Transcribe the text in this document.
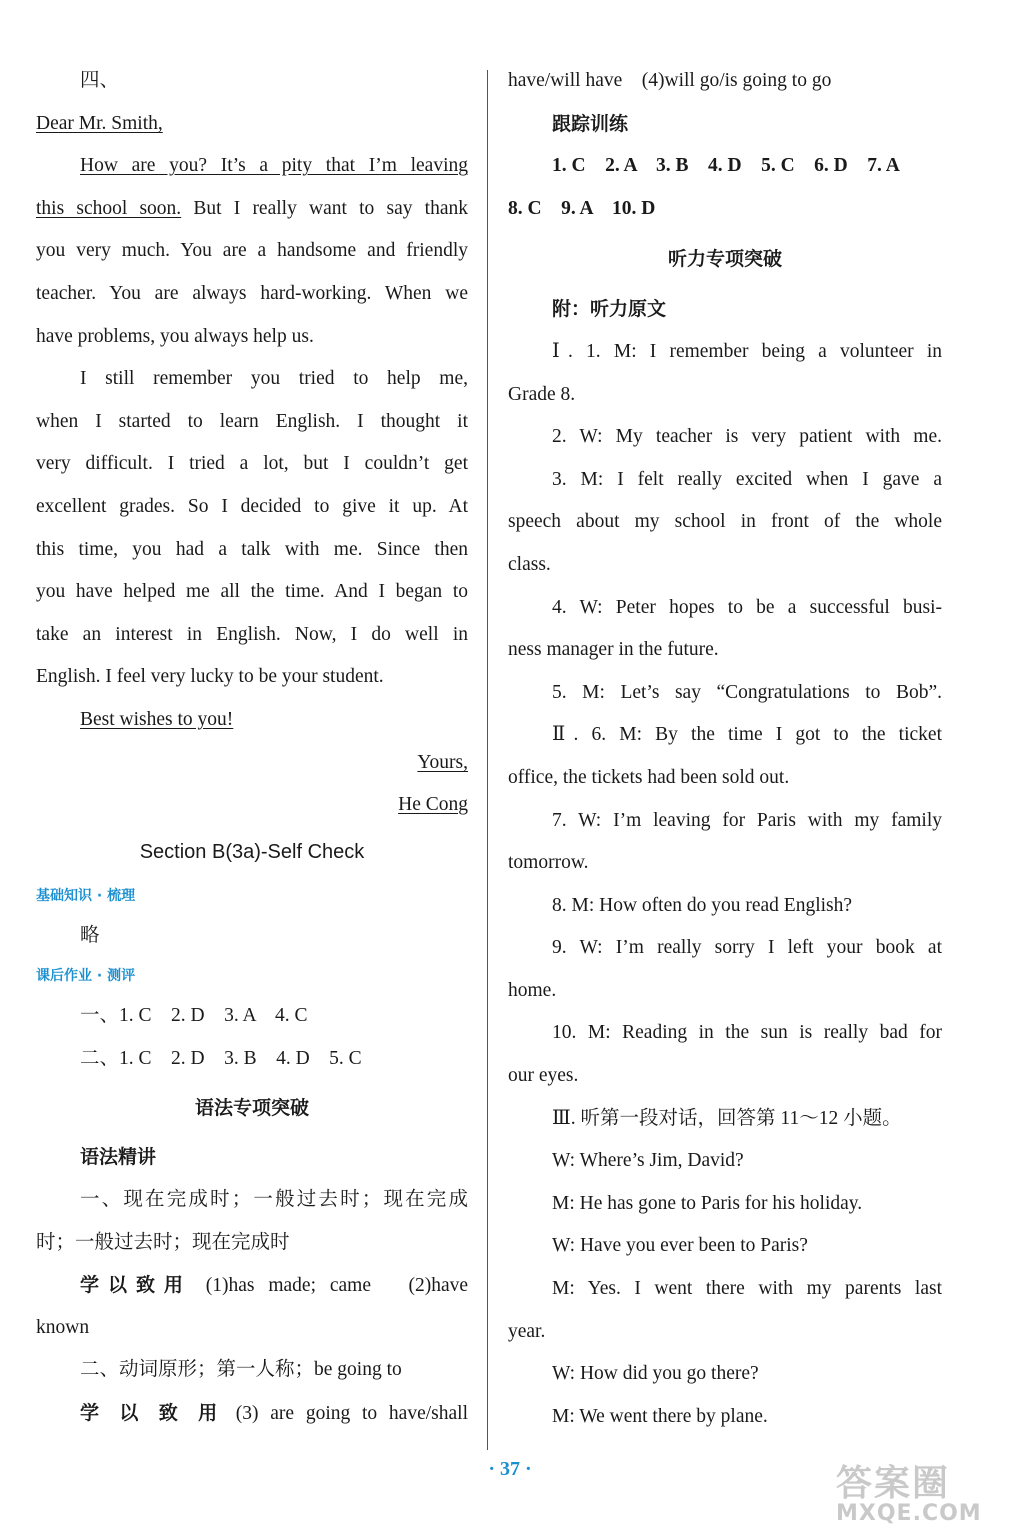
四、
Dear Mr. Smith,
How are you? It’s a pity that I’m leaving
this school soon. But I really want to say thank
you very much. You are a handsome and friendly
teacher. You are always hard-working. When we
have problems, you always help us.
I still remember you tried to help me,
when I started to learn English. I thought it
very difficult. I tried a lot, but I couldn’t get
excellent grades. So I decided to give it up. At
this time, you had a talk with me. Since then
you have helped me all the time. And I began to
take an interest in English. Now, I do well in
English. I feel very lucky to be your student.
Best wishes to you!
Yours,
He Cong
Section B(3a)-Self Check
基础知识 · 梳理
略
课后作业 · 测评
一、1. C　2. D　3. A　4. C
二、1. C　2. D　3. B　4. D　5. C
语法专项突破
语法精讲
一、现在完成时；一般过去时；现在完成
时；一般过去时；现在完成时
学以致用 (1)has made; came　(2)have
known
二、动词原形；第一人称；be going to
学 以 致 用 (3) are going to have/shall
have/will have　(4)will go/is going to go
跟踪训练
1. C　2. A　3. B　4. D　5. C　6. D　7. A
8. C　9. A　10. D
听力专项突破
附：听力原文
Ⅰ. 1. M: I remember being a volunteer in
Grade 8.
2. W: My teacher is very patient with me.
3. M: I felt really excited when I gave a
speech about my school in front of the whole
class.
4. W: Peter hopes to be a successful busi-
ness manager in the future.
5. M: Let’s say “Congratulations to Bob”.
Ⅱ. 6. M: By the time I got to the ticket
office, the tickets had been sold out.
7. W: I’m leaving for Paris with my family
tomorrow.
8. M: How often do you read English?
9. W: I’m really sorry I left your book at
home.
10. M: Reading in the sun is really bad for
our eyes.
Ⅲ. 听第一段对话，回答第 11～12 小题。
W: Where’s Jim, David?
M: He has gone to Paris for his holiday.
W: Have you ever been to Paris?
M: Yes. I went there with my parents last
year.
W: How did you go there?
M: We went there by plane.
· 37 ·	答案圈
MXQE.COM
